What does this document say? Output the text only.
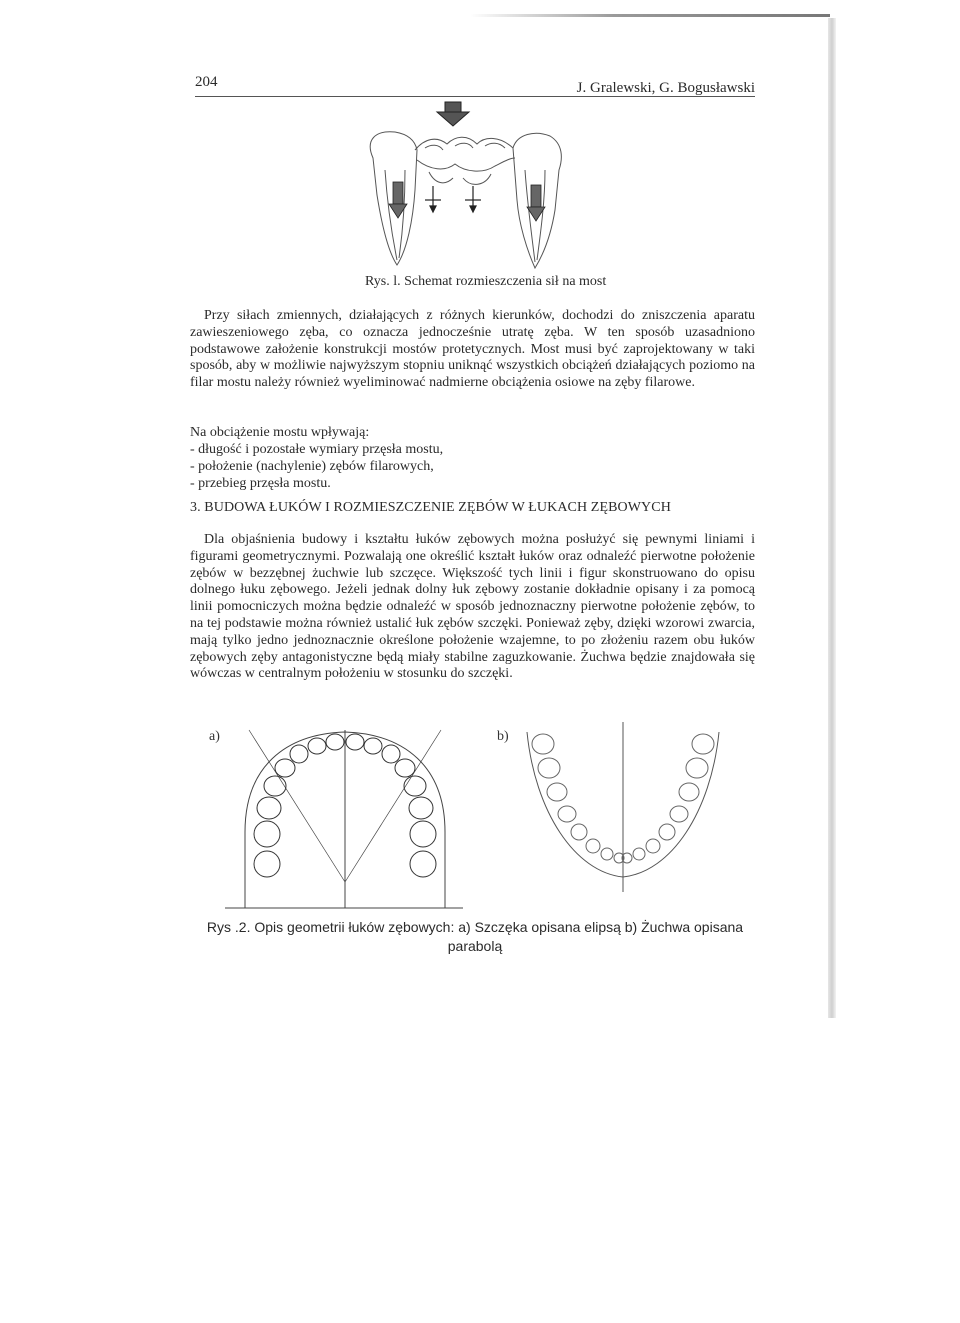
204	J. Gralewski, G. Bogusławski
Rys. l. Schemat rozmieszczenia sił na most

Przy siłach zmiennych, działających z różnych kierunków, dochodzi do zniszczenia aparatu zawieszeniowego zęba, co oznacza jednocześnie utratę zęba. W ten sposób uzasadniono podstawowe założenie konstrukcji mostów protetycznych. Most musi być zaprojektowany w taki sposób, aby w możliwie najwyższym stopniu uniknąć wszystkich obciążeń działających poziomo na filar mostu należy również wyeliminować nadmierne obciążenia osiowe na zęby filarowe.

Na obciążenie mostu wpływają:

- długość i pozostałe wymiary przęsła mostu,

- położenie (nachylenie) zębów filarowych,

- przebieg przęsła mostu.

3. BUDOWA ŁUKÓW I ROZMIESZCZENIE ZĘBÓW W ŁUKACH ZĘBOWYCH

Dla objaśnienia budowy i kształtu łuków zębowych można posłużyć się pewnymi liniami i figurami geometrycznymi. Pozwalają one określić kształt łuków oraz odnaleźć pierwotne położenie zębów w bezzębnej żuchwie lub szczęce. Większość tych linii i figur skonstruowano do opisu dolnego łuku zębowego. Jeżeli jednak dolny łuk zębowy zostanie dokładnie opisany i za pomocą linii pomocniczych można będzie odnaleźć w sposób jednoznaczny pierwotne położenie zębów, to na tej podstawie można również ustalić łuk zębów szczęki. Ponieważ zęby, dzięki wzorowi zwarcia, mają tylko jedno jednoznacznie określone położenie wzajemne, to po złożeniu razem obu łuków zębowych zęby antagonistyczne będą miały stabilne zaguzkowanie. Żuchwa będzie znajdowała się wówczas w centralnym położeniu w stosunku do szczęki.

a)	b)
Rys .2. Opis geometrii łuków zębowych: a) Szczęka opisana elipsą b) Żuchwa opisana
parabolą
